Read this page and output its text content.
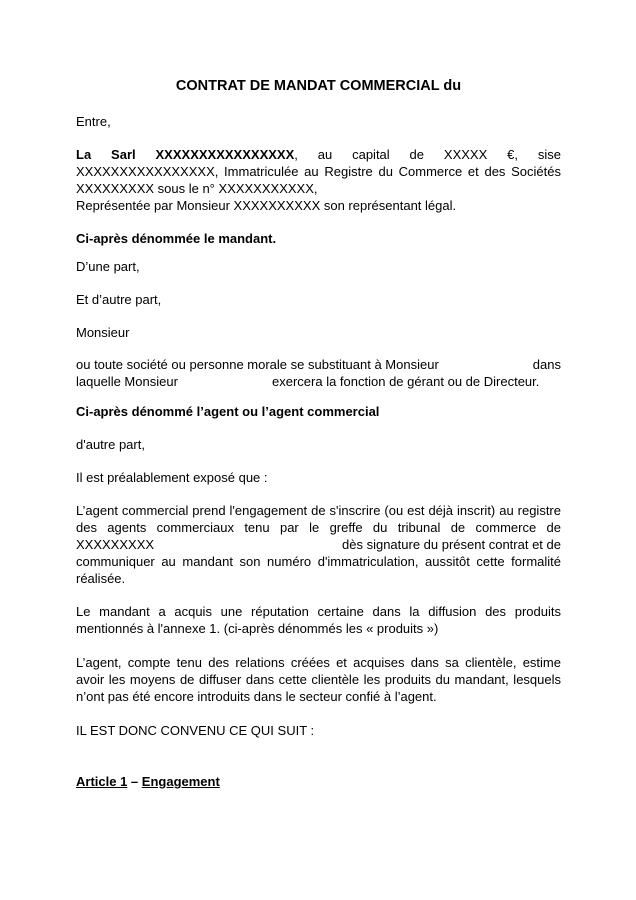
CONTRAT DE MANDAT COMMERCIAL du

Entre,

La Sarl XXXXXXXXXXXXXXXX, au capital de XXXXX €, sise
XXXXXXXXXXXXXXXX, Immatriculée au Registre du Commerce et des Sociétés
XXXXXXXXX sous le n° XXXXXXXXXXX,
Représentée par Monsieur XXXXXXXXXX son représentant légal.

Ci-après dénommée le mandant.

D’une part,

Et d’autre part,

Monsieur

ou toute société ou personne morale se substituant à Monsieur	dans
laquelle Monsieur	exercera la fonction de gérant ou de Directeur.

Ci-après dénommé l’agent ou l’agent commercial

d'autre part,

Il est préalablement exposé que :

L’agent commercial prend l'engagement de s'inscrire (ou est déjà inscrit) au registre
des agents commerciaux tenu par le greffe du tribunal de commerce de
XXXXXXXXX	dès signature du présent contrat et de
communiquer au mandant son numéro d'immatriculation, aussitôt cette formalité
réalisée.
Le mandant a acquis une réputation certaine dans la diffusion des produits
mentionnés à l'annexe 1. (ci-après dénommés les « produits »)
L’agent, compte tenu des relations créées et acquises dans sa clientèle, estime
avoir les moyens de diffuser dans cette clientèle les produits du mandant, lesquels
n’ont pas été encore introduits dans le secteur confié à l’agent.

IL EST DONC CONVENU CE QUI SUIT :

Article 1 – Engagement
